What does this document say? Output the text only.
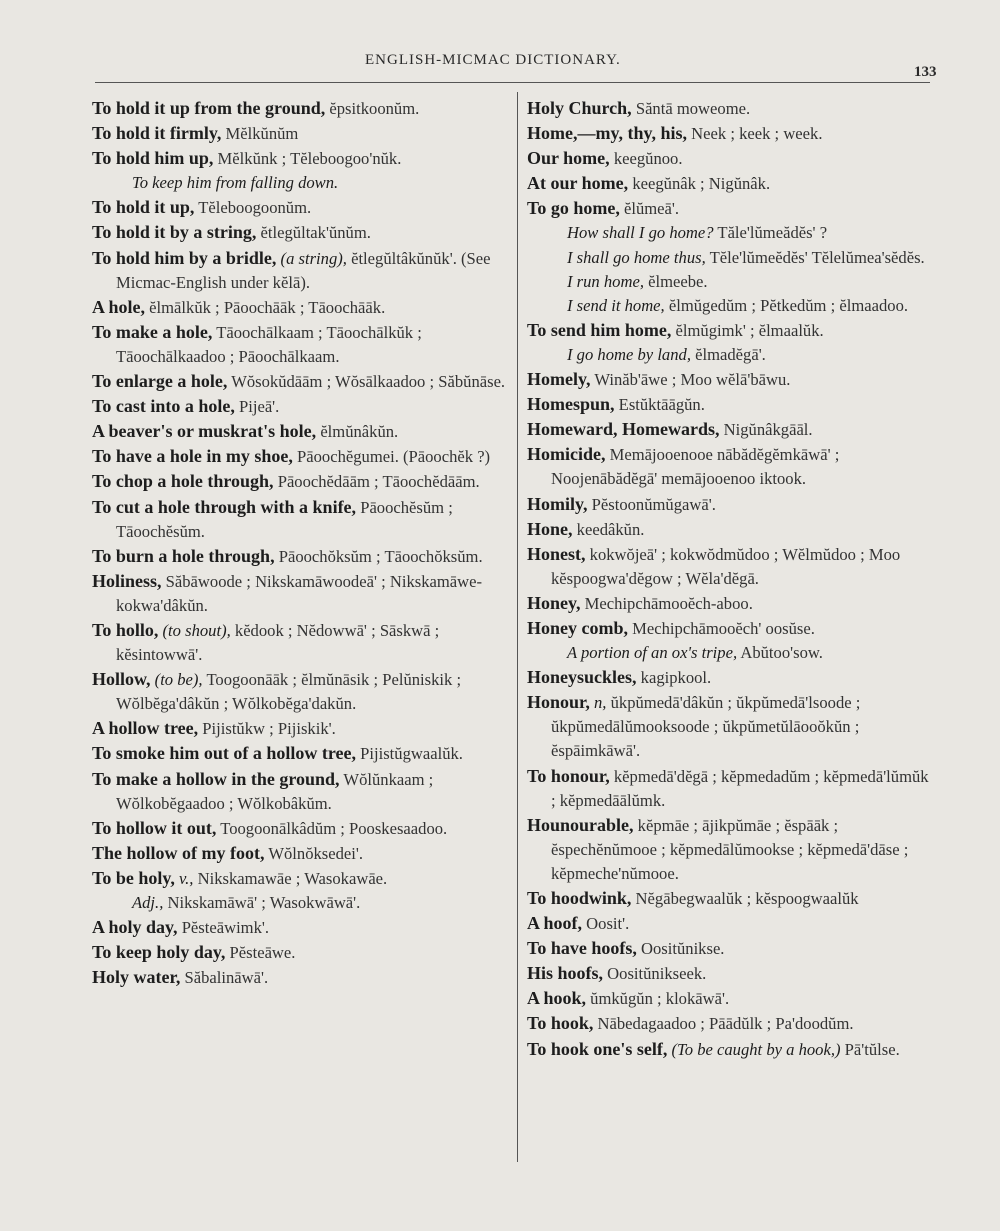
ENGLISH-MICMAC DICTIONARY.
133

To hold it up from the ground, ĕpsitkoonŭm.

To hold it firmly, Mĕlkŭnŭm

To hold him up, Mĕlkŭnk ; Tĕleboogoo'nŭk.

To keep him from falling down.

To hold it up, Tĕleboogoonŭm.

To hold it by a string, ĕtlegŭltak'ŭnŭm.

To hold him by a bridle, (a string), ĕtlegŭltâkŭnŭk'. (See Micmac-English under kĕlā).

A hole, ĕlmālkŭk ; Pāoochāāk ; Tāoochāāk.

To make a hole, Tāoochālkaam ; Tāoochālkŭk ; Tāoochālkaadoo ; Pāoochālkaam.

To enlarge a hole, Wŏsokŭdāām ; Wŏsālkaadoo ; Săbŭnāse.

To cast into a hole, Pijeā'.

A beaver's or muskrat's hole, ĕlmŭnâkŭn.

To have a hole in my shoe, Pāoochĕgumei. (Pāoochĕk ?)

To chop a hole through, Pāoochĕdāām ; Tāoochĕdāām.

To cut a hole through with a knife, Pāoochĕsŭm ; Tāoochĕsŭm.

To burn a hole through, Pāoochŏksŭm ; Tāoochŏksŭm.

Holiness, Săbāwoode ; Nikskamāwoodeā' ; Nikskamāwe-kokwa'dâkŭn.

To hollo, (to shout), kĕdook ; Nĕdowwā' ; Sāskwā ; kĕsintowwā'.

Hollow, (to be), Toogoonāāk ; ĕlmŭnāsik ; Pelŭniskik ; Wŏlbĕga'dâkŭn ; Wŏlkobĕga'dakŭn.

A hollow tree, Pijistŭkw ; Pijiskik'.

To smoke him out of a hollow tree, Pijistŭgwaalŭk.

To make a hollow in the ground, Wŏlŭnkaam ; Wŏlkobĕgaadoo ; Wŏlkobâkŭm.

To hollow it out, Toogoonālkâdŭm ; Pooskesaadoo.

The hollow of my foot, Wŏlnŏksedei'.

To be holy, v., Nikskamawāe ; Wasokawāe.

Adj., Nikskamāwā' ; Wasokwāwā'.

A holy day, Pĕsteāwimk'.

To keep holy day, Pĕsteāwe.

Holy water, Săbalināwā'.

Holy Church, Săntā moweome.

Home,—my, thy, his, Neek ; keek ; week.

Our home, keegŭnoo.

At our home, keegŭnâk ; Nigŭnâk.

To go home, ĕlŭmeā'.

How shall I go home? Tăle'lŭmeădĕs' ?

I shall go home thus, Tĕle'lŭmeĕdĕs' Tĕlelŭmea'sĕdĕs.

I run home, ĕlmeebe.

I send it home, ĕlmŭgedŭm ; Pĕtkedŭm ; ĕlmaadoo.

To send him home, ĕlmŭgimk' ; ĕlmaalŭk.

I go home by land, ĕlmadĕgā'.

Homely, Winăb'āwe ; Moo wĕlā'bāwu.

Homespun, Estŭktāāgŭn.

Homeward, Homewards, Nigŭnâkgāāl.

Homicide, Memājooenooe nābădĕgĕmkāwā' ; Noojenābădĕgā' memājooenoo iktook.

Homily, Pĕstoonŭmŭgawā'.

Hone, keedâkŭn.

Honest, kokwŏjeā' ; kokwŏdmŭdoo ; Wĕlmŭdoo ; Moo kĕspoogwa'dĕgow ; Wĕla'dĕgā.

Honey, Mechipchāmooĕch-aboo.

Honey comb, Mechipchāmooĕch' oosŭse.

A portion of an ox's tripe, Abŭtoo'sow.

Honeysuckles, kagipkool.

Honour, n, ŭkpŭmedā'dâkŭn ; ŭkpŭmedā'lsoode ; ŭkpŭmedālŭmooksoode ; ŭkpŭmetŭlāooŏkŭn ; ĕspāimkāwā'.

To honour, kĕpmedā'dĕgā ; kĕpmedadŭm ; kĕpmedā'lŭmŭk ; kĕpmedāālŭmk.

Hounourable, kĕpmāe ; ājikpŭmāe ; ĕspāāk ; ĕspechĕnŭmooe ; kĕpmedālŭmookse ; kĕpmedā'dāse ; kĕpmeche'nŭmooe.

To hoodwink, Nĕgābegwaalŭk ; kĕspoogwaalŭk

A hoof, Oosit'.

To have hoofs, Oositŭnikse.

His hoofs, Oositŭnikseek.

A hook, ŭmkŭgŭn ; klokāwā'.

To hook, Nābedagaadoo ; Pāādŭlk ; Pa'doodŭm.

To hook one's self, (To be caught by a hook,) Pā'tŭlse.
